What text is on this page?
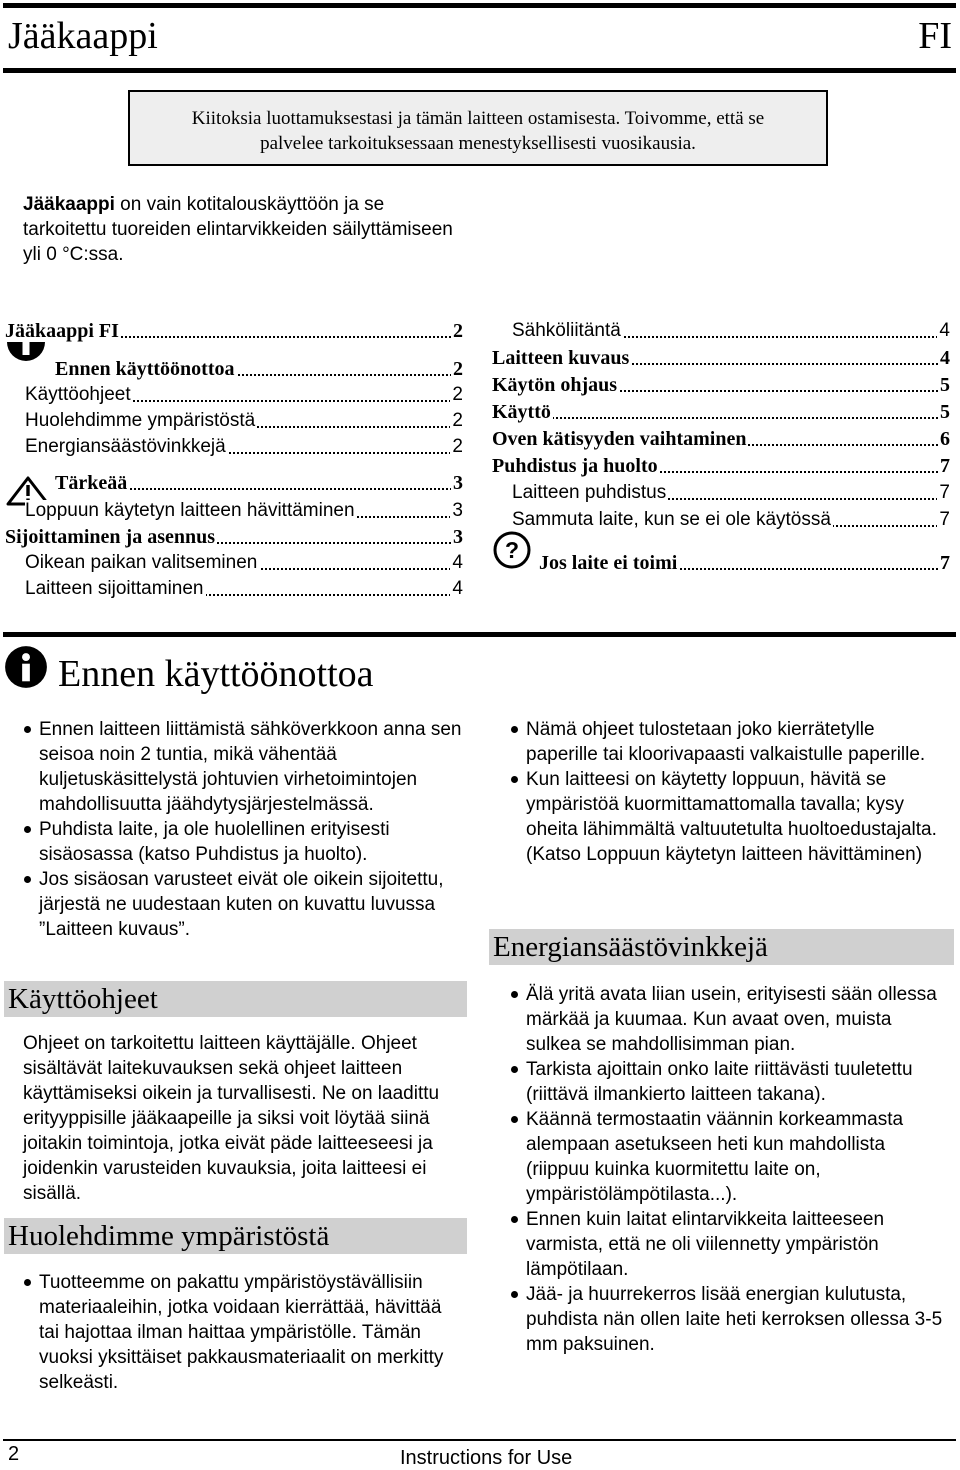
Jääkaappi	FI
Kiitoksia luottamuksestasi ja tämän laitteen ostamisesta. Toivomme, että se
palvelee tarkoituksessaan menestyksellisesti vuosikausia.
Jääkaappi on vain kotitalouskäyttöön ja se tarkoitettu tuoreiden elintarvikkeiden säilyttämiseen yli 0 °C:ssa.
Jääkaappi FI	2
Ennen käyttöönottoa	2
Käyttöohjeet	2
Huolehdimme ympäristöstä	2
Energiansäästövinkkejä	2
Tärkeää	3
Loppuun käytetyn laitteen hävittäminen	3
Sijoittaminen ja asennus	3
Oikean paikan valitseminen	4
Laitteen sijoittaminen	4
Sähköliitäntä	4
Laitteen kuvaus	4
Käytön ohjaus	5
Käyttö	5
Oven kätisyyden vaihtaminen	6
Puhdistus ja huolto	7
Laitteen puhdistus	7
Sammuta laite, kun se ei ole käytössä	7
Jos laite ei toimi	7
?
Ennen käyttöönottoa
Ennen laitteen liittämistä sähköverkkoon anna sen seisoa noin 2 tuntia, mikä vähentää kuljetuskäsittelystä johtuvien virhetoimintojen mahdollisuutta jäähdytysjärjestelmässä.
Puhdista laite, ja ole huolellinen erityisesti sisäosassa (katso Puhdistus ja huolto).
Jos sisäosan varusteet eivät ole oikein sijoitettu, järjestä ne uudestaan kuten on kuvattu luvussa ”Laitteen kuvaus”.
Käyttöohjeet
Ohjeet on tarkoitettu laitteen käyttäjälle. Ohjeet sisältävät laitekuvauksen sekä ohjeet laitteen käyttämiseksi oikein ja turvallisesti. Ne on laadittu erityyppisille jääkaapeille ja siksi voit löytää siinä joitakin toimintoja, jotka eivät päde laitteeseesi ja joidenkin varusteiden kuvauksia, joita laitteesi ei sisällä.
Huolehdimme ympäristöstä
Tuotteemme on pakattu ympäristöystävällisiin materiaaleihin, jotka voidaan kierrättää, hävittää tai hajottaa ilman haittaa ympäristölle. Tämän vuoksi yksittäiset pakkausmateriaalit on merkitty selkeästi.
Nämä ohjeet tulostetaan joko kierrätetylle paperille tai kloorivapaasti valkaistulle paperille.
Kun laitteesi on käytetty loppuun, hävitä se ympäristöä kuormittamattomalla tavalla; kysy oheita lähimmältä valtuutetulta huoltoedustajalta. (Katso Loppuun käytetyn laitteen hävittäminen)
Energiansäästövinkkejä
Älä yritä avata liian usein, erityisesti sään ollessa märkää ja kuumaa. Kun avaat oven, muista sulkea se mahdollisimman pian.
Tarkista ajoittain onko laite riittävästi tuuletettu (riittävä ilmankierto laitteen takana).
Käännä termostaatin väännin korkeammasta alempaan asetukseen heti kun mahdollista (riippuu kuinka kuormitettu laite on, ympäristölämpötilasta...).
Ennen kuin laitat elintarvikkeita laitteeseen varmista, että ne oli viilennetty ympäristön lämpötilaan.
Jää- ja huurrekerros lisää energian kulutusta, puhdista nän ollen laite heti kerroksen ollessa 3-5 mm paksuinen.
2	Instructions for Use
